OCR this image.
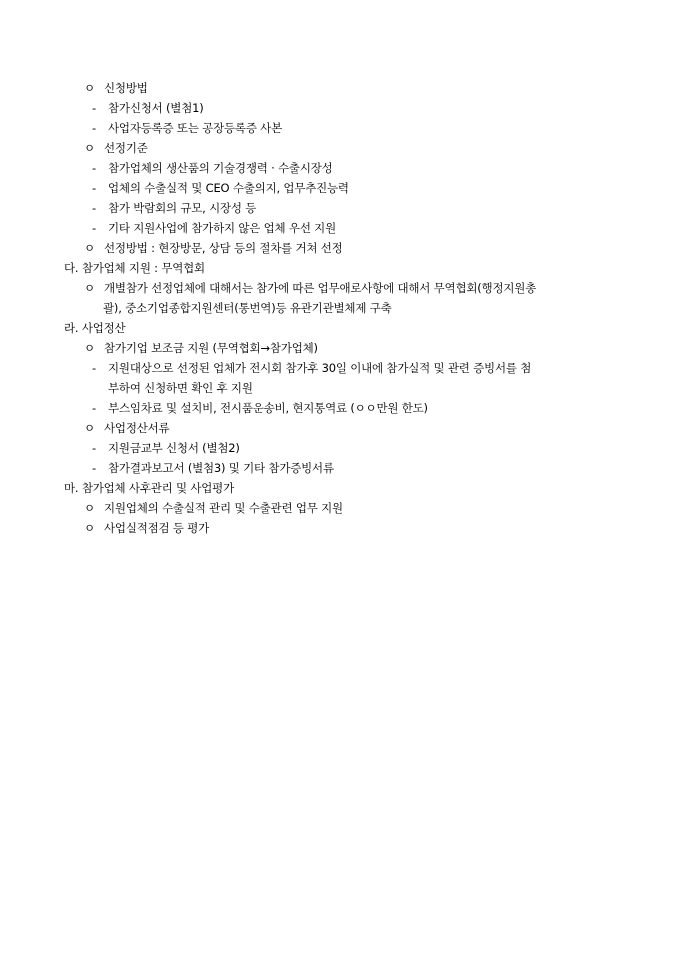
ㅇ 신청방법
- 참가신청서 (별첨1)
- 사업자등록증 또는 공장등록증 사본
ㅇ 선정기준
- 참가업체의 생산품의 기술경쟁력 · 수출시장성
- 업체의 수출실적 및 CEO 수출의지, 업무추진능력
- 참가 박람회의 규모, 시장성 등
- 기타 지원사업에 참가하지 않은 업체 우선 지원
ㅇ 선정방법 : 현장방문, 상담 등의 절차를 거쳐 선정
다. 참가업체 지원 : 무역협회
ㅇ 개별참가 선정업체에 대해서는 참가에 따른 업무애로사항에 대해서 무역협회(행정지원총
괄), 중소기업종합지원센터(통번역)등 유관기관별체제 구축
라. 사업정산
ㅇ 참가기업 보조금 지원 (무역협회→참가업체)
- 지원대상으로 선정된 업체가 전시회 참가후 30일 이내에 참가실적 및 관련 증빙서를 첨
부하여 신청하면 확인 후 지원
- 부스임차료 및 설치비, 전시품운송비, 현지통역료 (ㅇㅇ만원 한도)
ㅇ 사업정산서류
- 지원금교부 신청서 (별첨2)
- 참가결과보고서 (별첨3) 및 기타 참가증빙서류
마. 참가업체 사후관리 및 사업평가
ㅇ 지원업체의 수출실적 관리 및 수출관련 업무 지원
ㅇ 사업실적점검 등 평가
